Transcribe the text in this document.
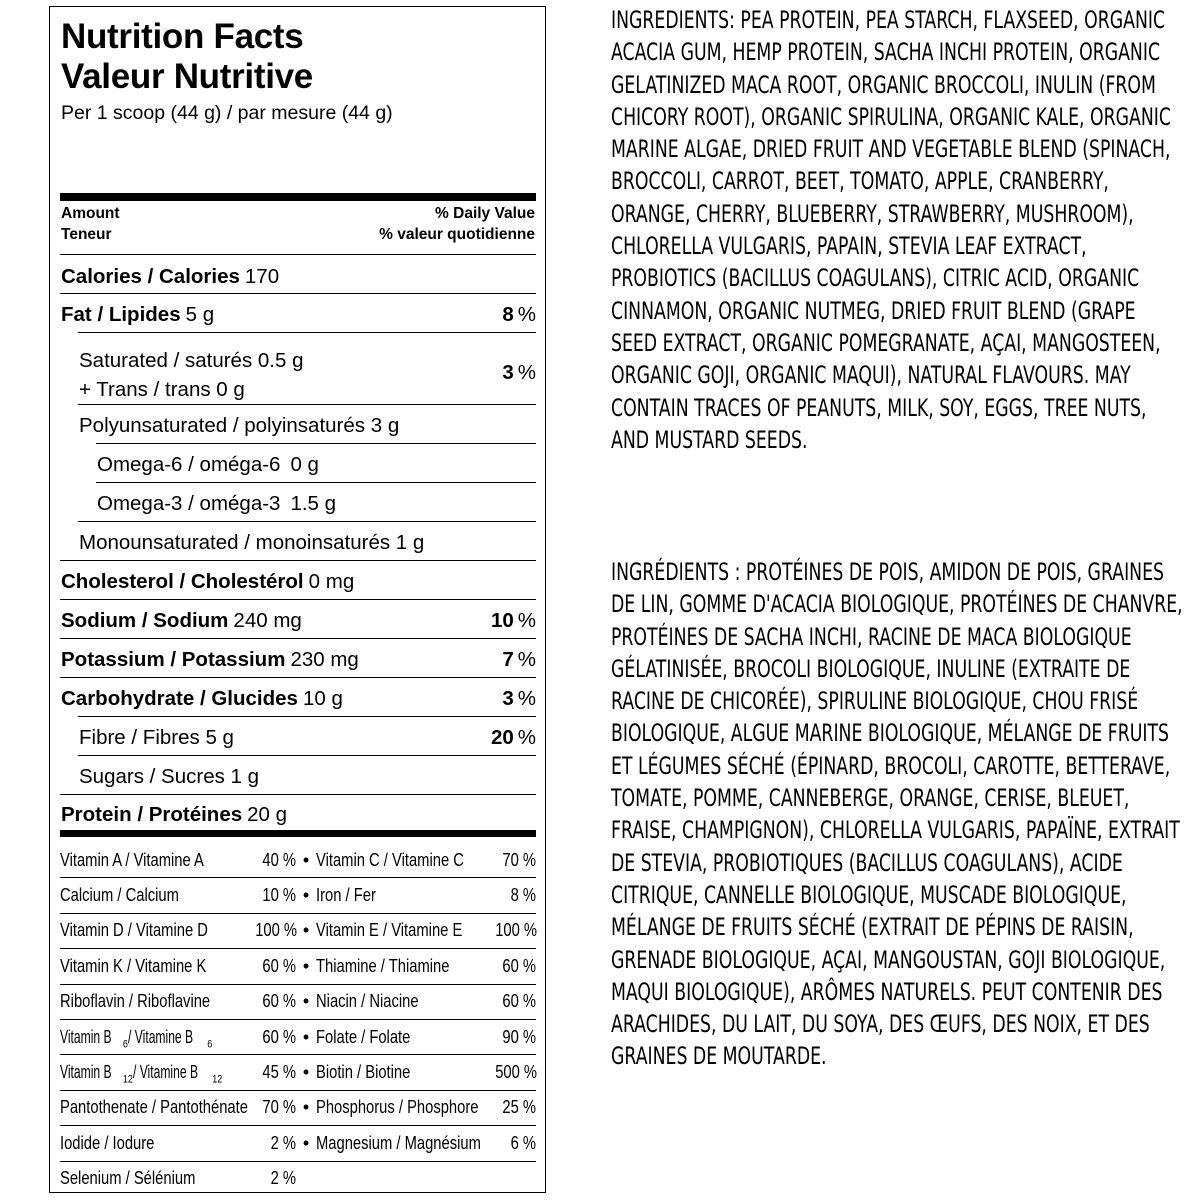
Nutrition Facts
Valeur Nutritive
Per 1 scoop (44 g) / par mesure (44 g)
Amount
Teneur
% Daily Value
% valeur quotidienne
Calories / Calories 170
Fat / Lipides 5 g	8 %
Saturated / saturés 0.5 g
+ Trans / trans 0 g
3 %
Polyunsaturated / polyinsaturés 3 g
Omega-6 / oméga-6 0 g
Omega-3 / oméga-3 1.5 g
Monounsaturated / monoinsaturés 1 g
Cholesterol / Cholestérol 0 mg
Sodium / Sodium 240 mg	10 %
Potassium / Potassium 230 mg	7 %
Carbohydrate / Glucides 10 g	3 %
Fibre / Fibres 5 g	20 %
Sugars / Sucres 1 g
Protein / Protéines 20 g
Vitamin A / Vitamine A	40 %	•	Vitamin C / Vitamine C	70 %
Calcium / Calcium	10 %	•	Iron / Fer	8 %
Vitamin D / Vitamine D	100 %	•	Vitamin E / Vitamine E	100 %
Vitamin K / Vitamine K	60 %	•	Thiamine / Thiamine	60 %
Riboflavin / Riboflavine	60 %	•	Niacin / Niacine	60 %
Vitamin B $_6$/ Vitamine B $_6$	60 %	•	Folate / Folate	90 %
Vitamin B $_{12}$/ Vitamine B $_{12}$	45 %	•	Biotin / Biotine	500 %
Pantothenate / Pantothénate	70 %	•	Phosphorus / Phosphore	25 %
Iodide / Iodure	2 %	•	Magnesium / Magnésium	6 %
Selenium / Sélénium	2 %			

INGREDIENTS: PEA PROTEIN, PEA STARCH, FLAXSEED, ORGANIC ACACIA GUM, HEMP PROTEIN, SACHA INCHI PROTEIN, ORGANIC GELATINIZED MACA ROOT, ORGANIC BROCCOLI, INULIN (FROM CHICORY ROOT), ORGANIC SPIRULINA, ORGANIC KALE, ORGANIC MARINE ALGAE, DRIED FRUIT AND VEGETABLE BLEND (SPINACH, BROCCOLI, CARROT, BEET, TOMATO, APPLE, CRANBERRY, ORANGE, CHERRY, BLUEBERRY, STRAWBERRY, MUSHROOM), CHLORELLA VULGARIS, PAPAIN, STEVIA LEAF EXTRACT, PROBIOTICS (BACILLUS COAGULANS), CITRIC ACID, ORGANIC CINNAMON, ORGANIC NUTMEG, DRIED FRUIT BLEND (GRAPE SEED EXTRACT, ORGANIC POMEGRANATE, AÇAI, MANGOSTEEN, ORGANIC GOJI, ORGANIC MAQUI), NATURAL FLAVOURS. MAY CONTAIN TRACES OF PEANUTS, MILK, SOY, EGGS, TREE NUTS, AND MUSTARD SEEDS.

INGRÉDIENTS : PROTÉINES DE POIS, AMIDON DE POIS, GRAINES DE LIN, GOMME D'ACACIA BIOLOGIQUE, PROTÉINES DE CHANVRE, PROTÉINES DE SACHA INCHI, RACINE DE MACA BIOLOGIQUE GÉLATINISÉE, BROCOLI BIOLOGIQUE, INULINE (EXTRAITE DE RACINE DE CHICORÉE), SPIRULINE BIOLOGIQUE, CHOU FRISÉ BIOLOGIQUE, ALGUE MARINE BIOLOGIQUE, MÉLANGE DE FRUITS ET LÉGUMES SÉCHÉ (ÉPINARD, BROCOLI, CAROTTE, BETTERAVE, TOMATE, POMME, CANNEBERGE, ORANGE, CERISE, BLEUET, FRAISE, CHAMPIGNON), CHLORELLA VULGARIS, PAPAÏNE, EXTRAIT DE STEVIA, PROBIOTIQUES (BACILLUS COAGULANS), ACIDE CITRIQUE, CANNELLE BIOLOGIQUE, MUSCADE BIOLOGIQUE, MÉLANGE DE FRUITS SÉCHÉ (EXTRAIT DE PÉPINS DE RAISIN, GRENADE BIOLOGIQUE, AÇAI, MANGOUSTAN, GOJI BIOLOGIQUE, MAQUI BIOLOGIQUE), ARÔMES NATURELS. PEUT CONTENIR DES ARACHIDES, DU LAIT, DU SOYA, DES ŒUFS, DES NOIX, ET DES GRAINES DE MOUTARDE.
